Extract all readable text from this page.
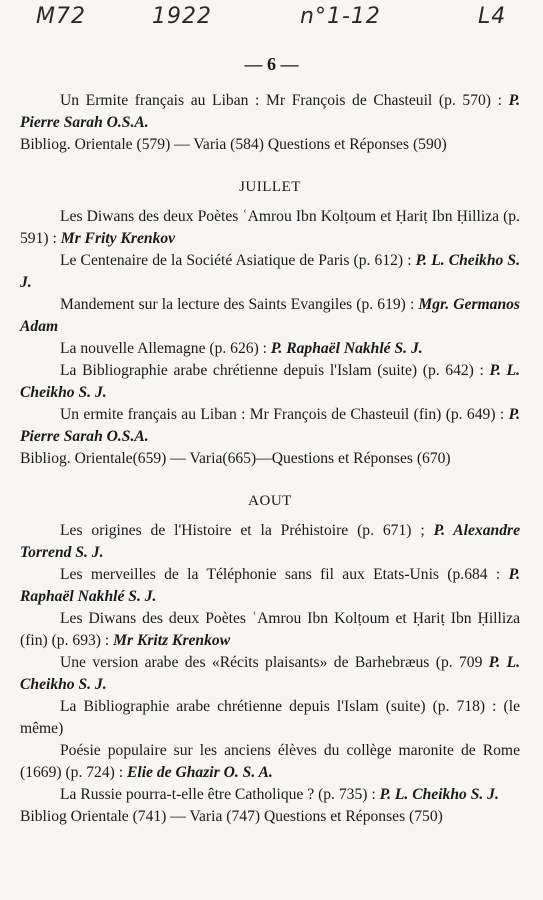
M72	1922	n°1-12	L4
— 6 —

Un Ermite français au Liban : Mr François de Chasteuil (p. 570) : P. Pierre Sarah O.S.A.

Bibliog. Orientale (579) — Varia (584) Questions et Réponses (590)

JUILLET

Les Diwans des deux Poètes ʿAmrou Ibn Kolṭoum et Ḥariṭ Ibn Ḥilliza (p. 591) : Mr Frity Krenkov

Le Centenaire de la Société Asiatique de Paris (p. 612) : P. L. Cheikho S. J.

Mandement sur la lecture des Saints Evangiles (p. 619) : Mgr. Germanos Adam

La nouvelle Allemagne (p. 626) : P. Raphaël Nakhlé S. J.

La Bibliographie arabe chrétienne depuis l'Islam (suite) (p. 642) : P. L. Cheikho S. J.

Un ermite français au Liban : Mr François de Chasteuil (fin) (p. 649) : P. Pierre Sarah O.S.A.

Bibliog. Orientale(659) — Varia(665)—Questions et Réponses (670)

AOUT

Les origines de l'Histoire et la Préhistoire (p. 671) ; P. Alexandre Torrend S. J.

Les merveilles de la Téléphonie sans fil aux Etats-Unis (p.684 : P. Raphaël Nakhlé S. J.

Les Diwans des deux Poètes ʿAmrou Ibn Kolṭoum et Ḥariṭ Ibn Ḥilliza (fin) (p. 693) : Mr Kritz Krenkow

Une version arabe des «Récits plaisants» de Barhebræus (p. 709 P. L. Cheikho S. J.

La Bibliographie arabe chrétienne depuis l'Islam (suite) (p. 718) : (le même)

Poésie populaire sur les anciens élèves du collège maronite de Rome (1669) (p. 724) : Elie de Ghazir O. S. A.

La Russie pourra-t-elle être Catholique ? (p. 735) : P. L. Cheikho S. J.

Bibliog Orientale (741) — Varia (747) Questions et Réponses (750)
